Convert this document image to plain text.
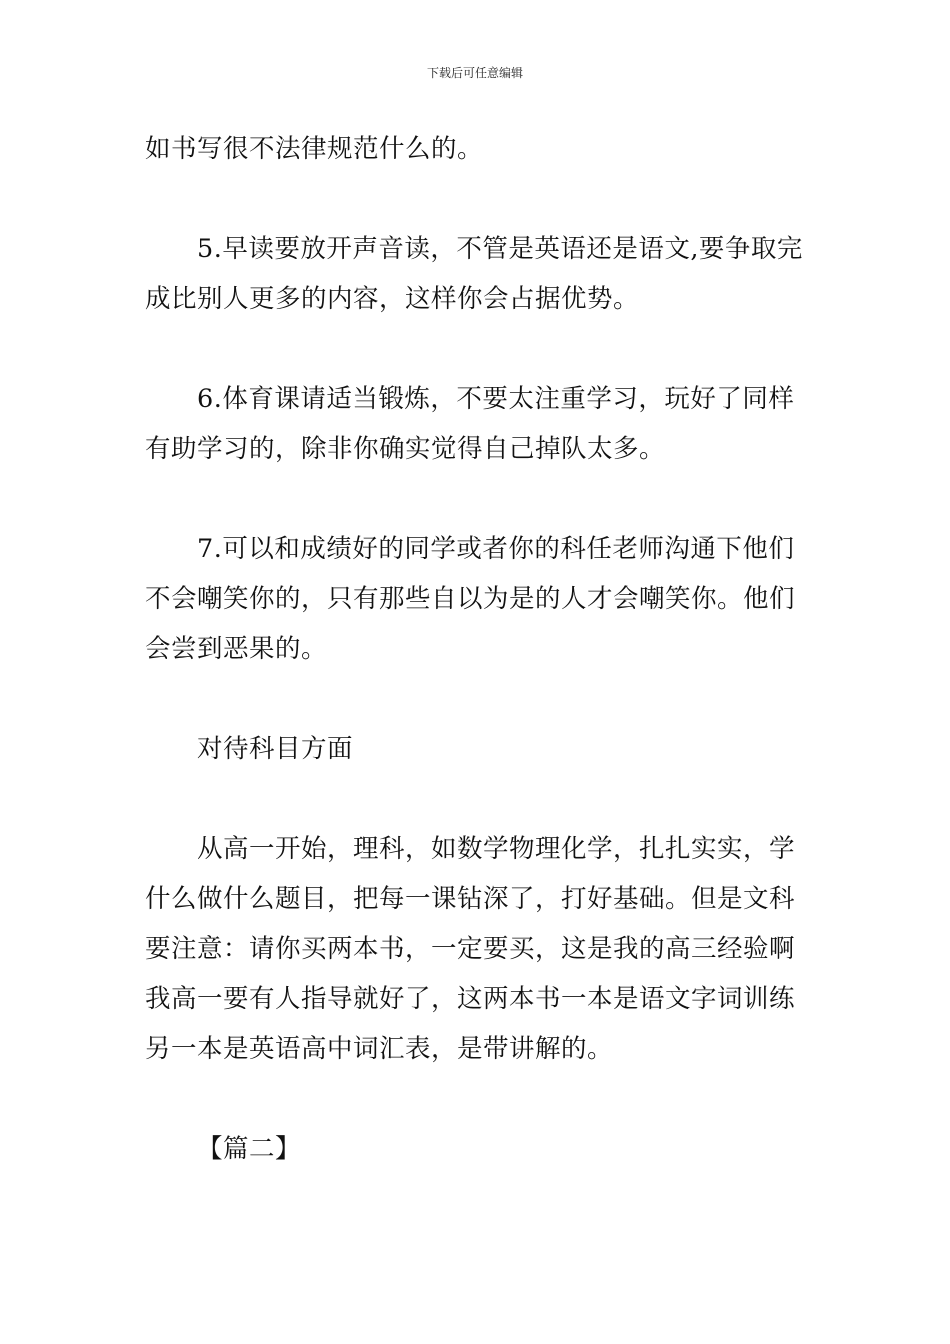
下载后可任意编辑

如书写很不法律规范什么的。

5.早读要放开声音读，不管是英语还是语文,要争取完成比别人更多的内容，这样你会占据优势。

6.体育课请适当锻炼，不要太注重学习，玩好了同样有助学习的，除非你确实觉得自己掉队太多。

7.可以和成绩好的同学或者你的科任老师沟通下他们不会嘲笑你的，只有那些自以为是的人才会嘲笑你。他们会尝到恶果的。

对待科目方面

从高一开始，理科，如数学物理化学，扎扎实实，学什么做什么题目，把每一课钻深了，打好基础。但是文科要注意：请你买两本书，一定要买，这是我的高三经验啊我高一要有人指导就好了，这两本书一本是语文字词训练另一本是英语高中词汇表，是带讲解的。

【篇二】
